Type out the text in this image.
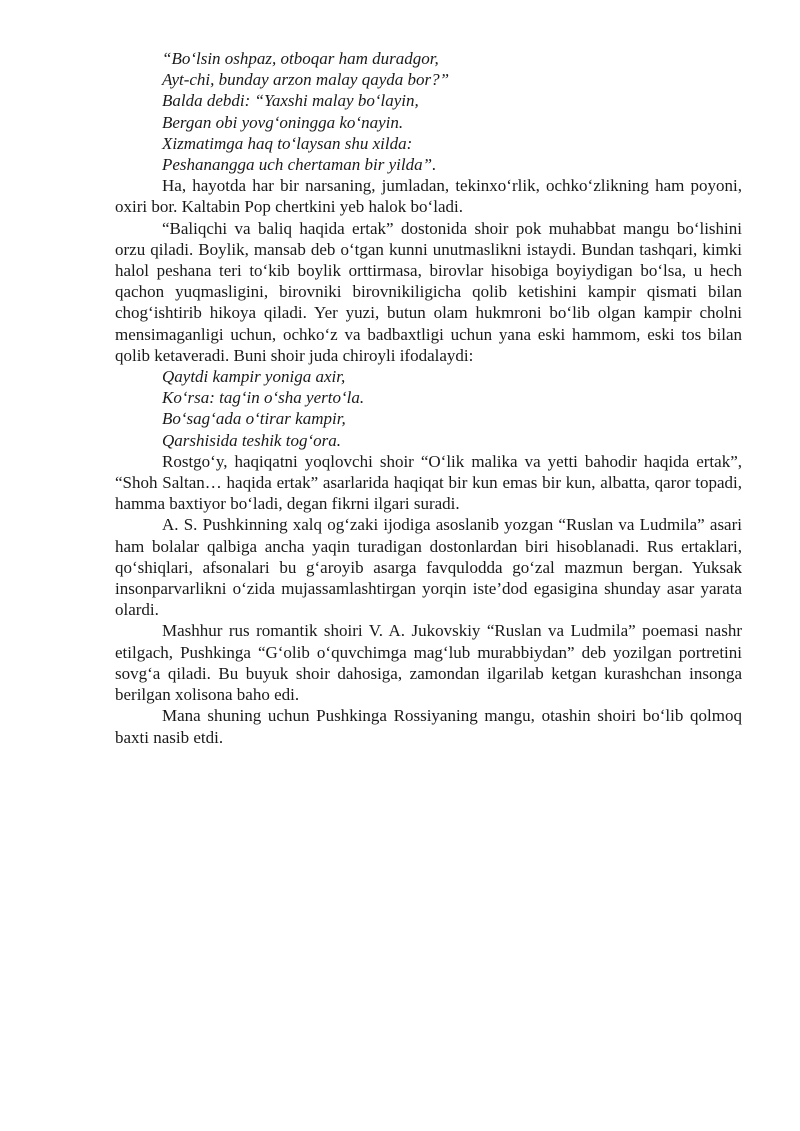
“Bo‘lsin oshpaz, otboqar ham duradgor,

Ayt-chi, bunday arzon malay qayda bor?”

Balda debdi: “Yaxshi malay bo‘layin,

Bergan obi yovg‘oningga ko‘nayin.

Xizmatimga haq to‘laysan shu xilda:

Peshanangga uch chertaman bir yilda”.

Ha, hayotda har bir narsaning, jumladan, tekinxo‘rlik, ochko‘zlikning ham poyoni, oxiri bor. Kaltabin Pop chertkini yeb halok bo‘ladi.

“Baliqchi va baliq haqida ertak” dostonida shoir pok muhabbat mangu bo‘lishini orzu qiladi. Boylik, mansab deb o‘tgan kunni unutmaslikni istaydi. Bundan tashqari, kimki halol peshana teri to‘kib boylik orttirmasa, birovlar hisobiga boyiydigan bo‘lsa, u hech qachon yuqmasligini, birovniki birovnikiligicha qolib ketishini kampir qismati bilan chog‘ishtirib hikoya qiladi. Yer yuzi, butun olam hukmroni bo‘lib olgan kampir cholni mensimaganligi uchun, ochko‘z va badbaxtligi uchun yana eski hammom, eski tos bilan qolib ketaveradi. Buni shoir juda chiroyli ifodalaydi:

Qaytdi kampir yoniga axir,

Ko‘rsa: tag‘in o‘sha yerto‘la.

Bo‘sag‘ada o‘tirar kampir,

Qarshisida teshik tog‘ora.

Rostgo‘y, haqiqatni yoqlovchi shoir “O‘lik malika va yetti bahodir haqida ertak”, “Shoh Saltan… haqida ertak” asarlarida haqiqat bir kun emas bir kun, albatta, qaror topadi, hamma baxtiyor bo‘ladi, degan fikrni ilgari suradi.

A. S. Pushkinning xalq og‘zaki ijodiga asoslanib yozgan “Ruslan va Ludmila” asari ham bolalar qalbiga ancha yaqin turadigan dostonlardan biri hisoblanadi. Rus ertaklari, qo‘shiqlari, afsonalari bu g‘aroyib asarga favqulodda go‘zal mazmun bergan. Yuksak insonparvarlikni o‘zida mujassamlashtirgan yorqin iste’dod egasigina shunday asar yarata olardi.

Mashhur rus romantik shoiri V. A. Jukovskiy “Ruslan va Ludmila” poemasi nashr etilgach, Pushkinga “G‘olib o‘quvchimga mag‘lub murabbiydan” deb yozilgan portretini sovg‘a qiladi. Bu buyuk shoir dahosiga, zamondan ilgarilab ketgan kurashchan insonga berilgan xolisona baho edi.

Mana shuning uchun Pushkinga Rossiyaning mangu, otashin shoiri bo‘lib qolmoq baxti nasib etdi.
